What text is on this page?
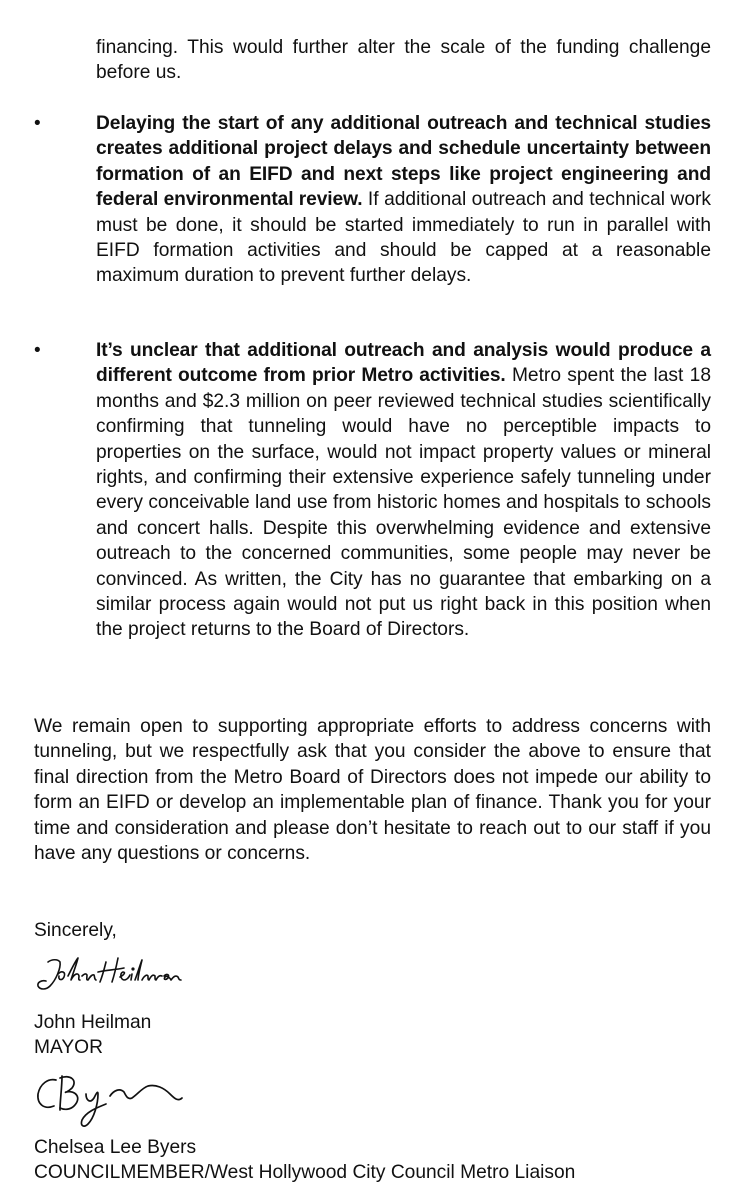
financing. This would further alter the scale of the funding challenge before us.

•	Delaying the start of any additional outreach and technical studies creates additional project delays and schedule uncertainty between formation of an EIFD and next steps like project engineering and federal environmental review. If additional outreach and technical work must be done, it should be started immediately to run in parallel with EIFD formation activities and should be capped at a reasonable maximum duration to prevent further delays.

•	It’s unclear that additional outreach and analysis would produce a different outcome from prior Metro activities. Metro spent the last 18 months and $2.3 million on peer reviewed technical studies scientifically confirming that tunneling would have no perceptible impacts to properties on the surface, would not impact property values or mineral rights, and confirming their extensive experience safely tunneling under every conceivable land use from historic homes and hospitals to schools and concert halls. Despite this overwhelming evidence and extensive outreach to the concerned communities, some people may never be convinced. As written, the City has no guarantee that embarking on a similar process again would not put us right back in this position when the project returns to the Board of Directors.

We remain open to supporting appropriate efforts to address concerns with tunneling, but we respectfully ask that you consider the above to ensure that final direction from the Metro Board of Directors does not impede our ability to form an EIFD or develop an implementable plan of finance. Thank you for your time and consideration and please don’t hesitate to reach out to our staff if you have any questions or concerns.

Sincerely,

John Heilman

MAYOR

Chelsea Lee Byers

COUNCILMEMBER/West Hollywood City Council Metro Liaison
